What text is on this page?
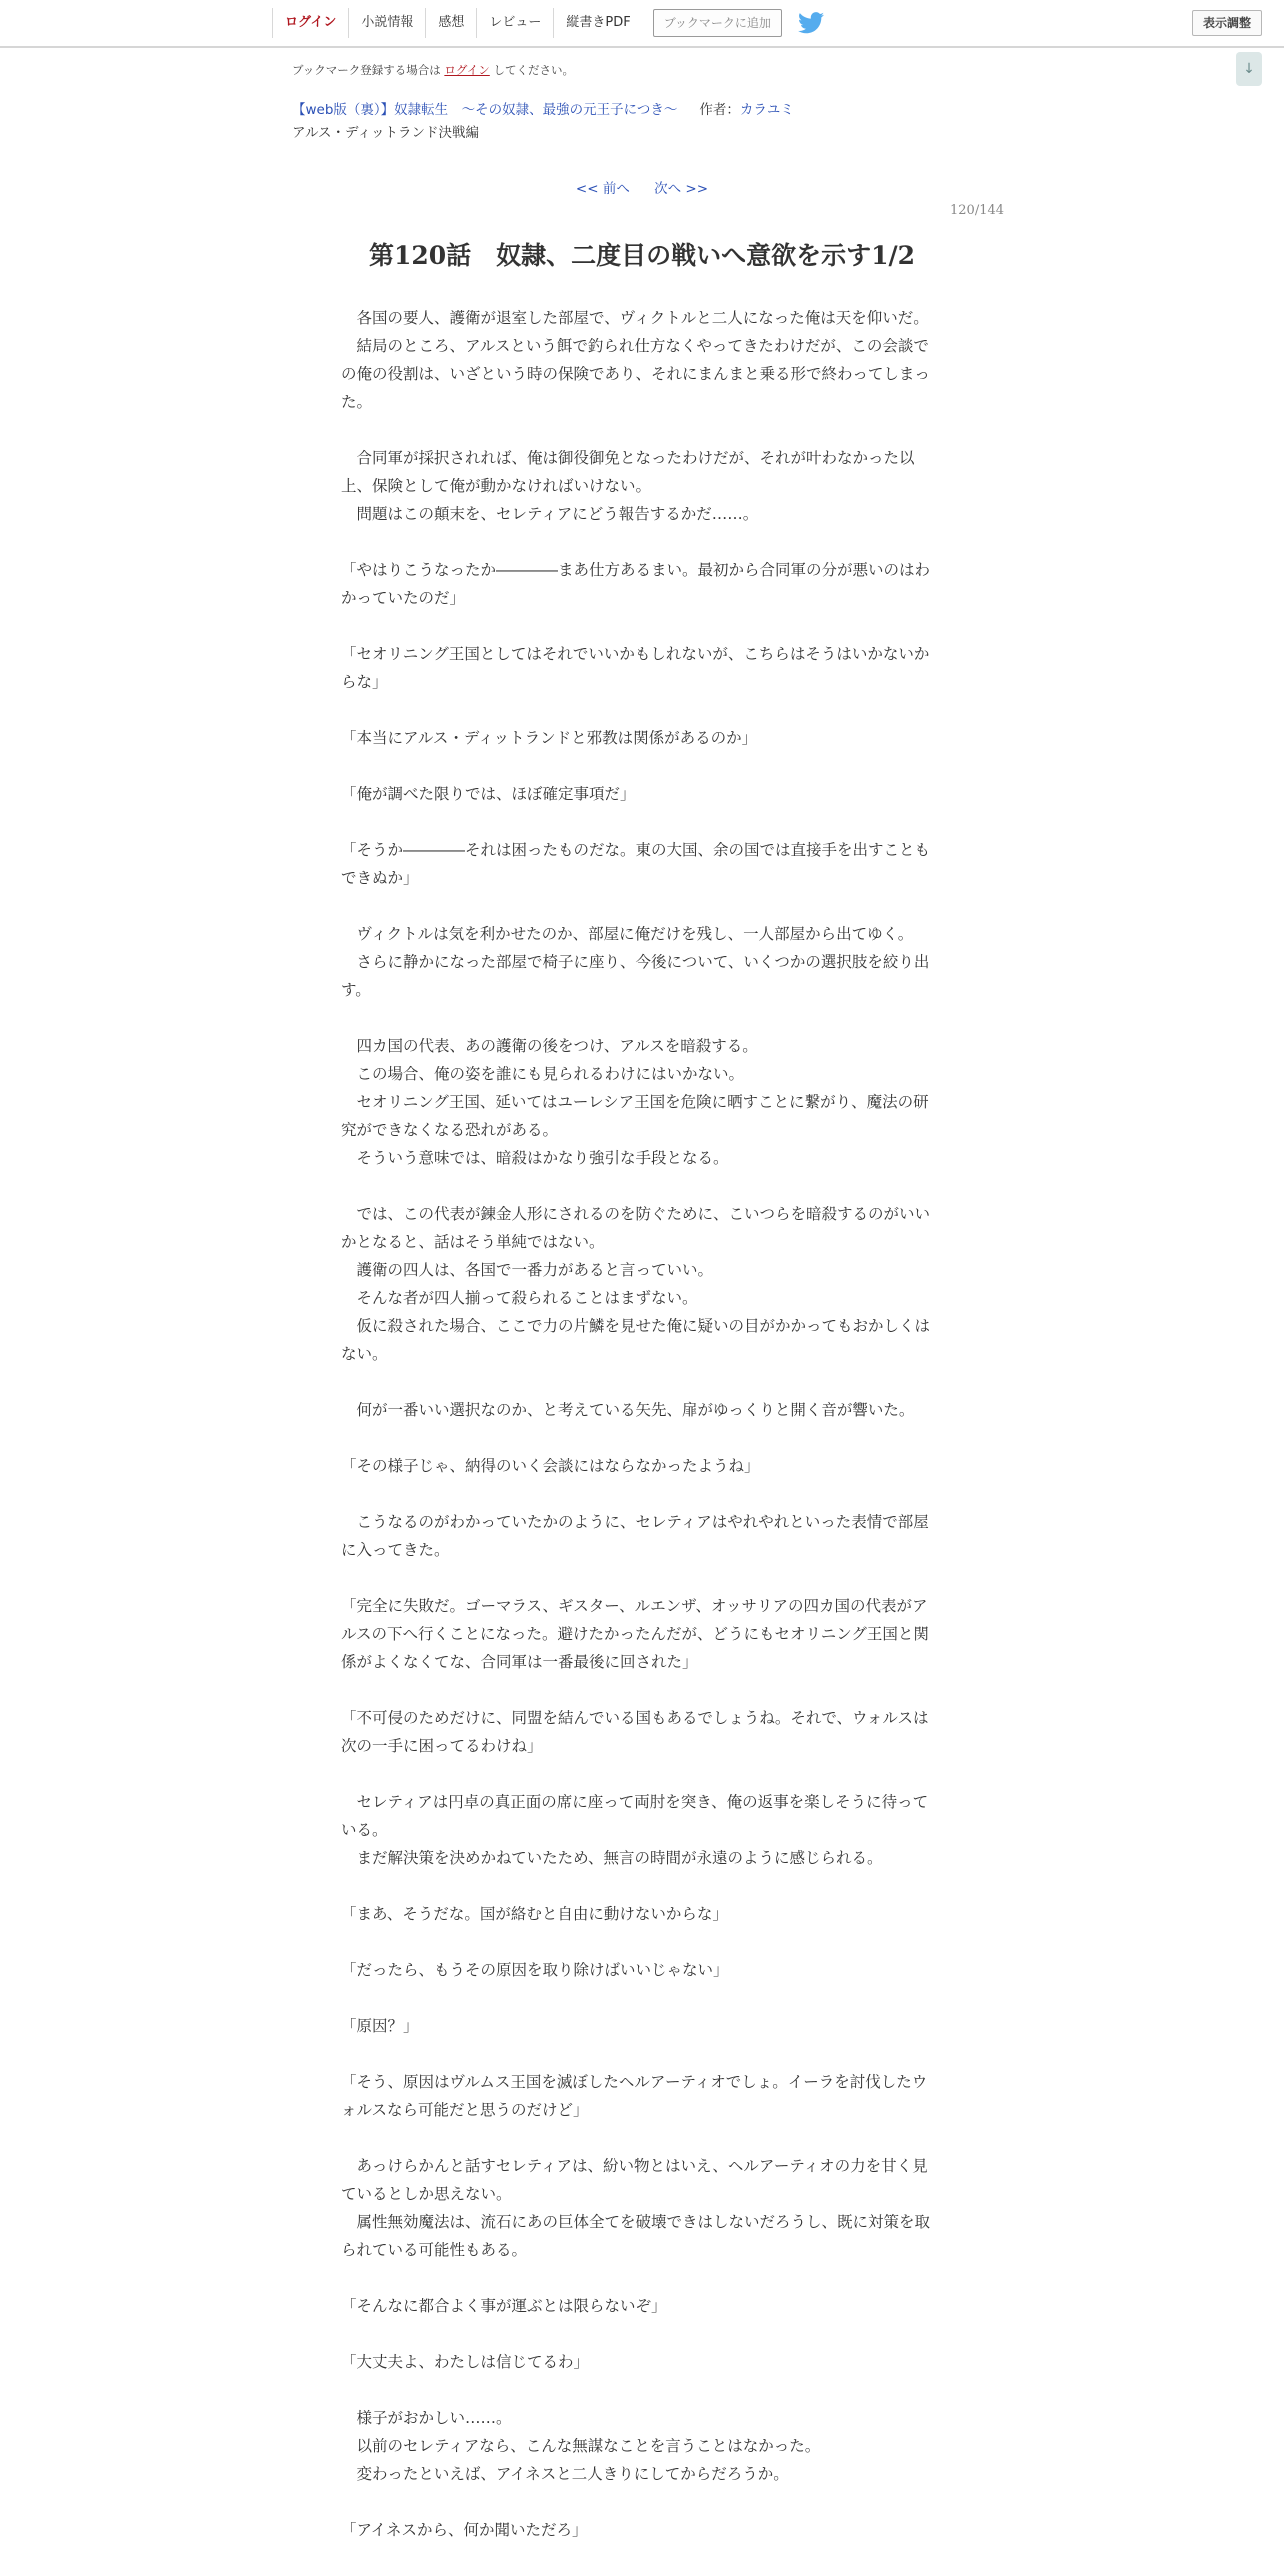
ログイン	小説情報	感想	レビュー	縦書きPDF	ブックマークに追加	表示調整
↓
ブックマーク登録する場合は ログイン してください。
【web版（裏）】奴隷転生　～その奴隷、最強の元王子につき～ 作者：カラユミ
アルス・ディットランド決戦編
<< 前へ 次へ >>
120/144
第120話　奴隷、二度目の戦いへ意欲を示す1/2

　各国の要人、護衛が退室した部屋で、ヴィクトルと二人になった俺は天を仰いだ。

　結局のところ、アルスという餌で釣られ仕方なくやってきたわけだが、この会談での俺の役割は、いざという時の保険であり、それにまんまと乗る形で終わってしまった。

　合同軍が採択されれば、俺は御役御免となったわけだが、それが叶わなかった以上、保険として俺が動かなければいけない。

　問題はこの顛末を、セレティアにどう報告するかだ……。

「やはりこうなったか――――まあ仕方あるまい。最初から合同軍の分が悪いのはわかっていたのだ」

「セオリニング王国としてはそれでいいかもしれないが、こちらはそうはいかないからな」

「本当にアルス・ディットランドと邪教は関係があるのか」

「俺が調べた限りでは、ほぼ確定事項だ」

「そうか――――それは困ったものだな。東の大国、余の国では直接手を出すこともできぬか」

　ヴィクトルは気を利かせたのか、部屋に俺だけを残し、一人部屋から出てゆく。

　さらに静かになった部屋で椅子に座り、今後について、いくつかの選択肢を絞り出す。

　四カ国の代表、あの護衛の後をつけ、アルスを暗殺する。

　この場合、俺の姿を誰にも見られるわけにはいかない。

　セオリニング王国、延いてはユーレシア王国を危険に晒すことに繋がり、魔法の研究ができなくなる恐れがある。

　そういう意味では、暗殺はかなり強引な手段となる。

　では、この代表が錬金人形にされるのを防ぐために、こいつらを暗殺するのがいいかとなると、話はそう単純ではない。

　護衛の四人は、各国で一番力があると言っていい。

　そんな者が四人揃って殺られることはまずない。

　仮に殺された場合、ここで力の片鱗を見せた俺に疑いの目がかかってもおかしくはない。

　何が一番いい選択なのか、と考えている矢先、扉がゆっくりと開く音が響いた。

「その様子じゃ、納得のいく会談にはならなかったようね」

　こうなるのがわかっていたかのように、セレティアはやれやれといった表情で部屋に入ってきた。

「完全に失敗だ。ゴーマラス、ギスター、ルエンザ、オッサリアの四カ国の代表がアルスの下へ行くことになった。避けたかったんだが、どうにもセオリニング王国と関係がよくなくてな、合同軍は一番最後に回された」

「不可侵のためだけに、同盟を結んでいる国もあるでしょうね。それで、ウォルスは次の一手に困ってるわけね」

　セレティアは円卓の真正面の席に座って両肘を突き、俺の返事を楽しそうに待っている。

　まだ解決策を決めかねていたため、無言の時間が永遠のように感じられる。

「まあ、そうだな。国が絡むと自由に動けないからな」

「だったら、もうその原因を取り除けばいいじゃない」

「原因？」

「そう、原因はヴルムス王国を滅ぼしたヘルアーティオでしょ。イーラを討伐したウォルスなら可能だと思うのだけど」

　あっけらかんと話すセレティアは、紛い物とはいえ、ヘルアーティオの力を甘く見ているとしか思えない。

　属性無効魔法は、流石にあの巨体全てを破壊できはしないだろうし、既に対策を取られている可能性もある。

「そんなに都合よく事が運ぶとは限らないぞ」

「大丈夫よ、わたしは信じてるわ」

　様子がおかしい……。

　以前のセレティアなら、こんな無謀なことを言うことはなかった。

　変わったといえば、アイネスと二人きりにしてからだろうか。

「アイネスから、何か聞いただろ」
